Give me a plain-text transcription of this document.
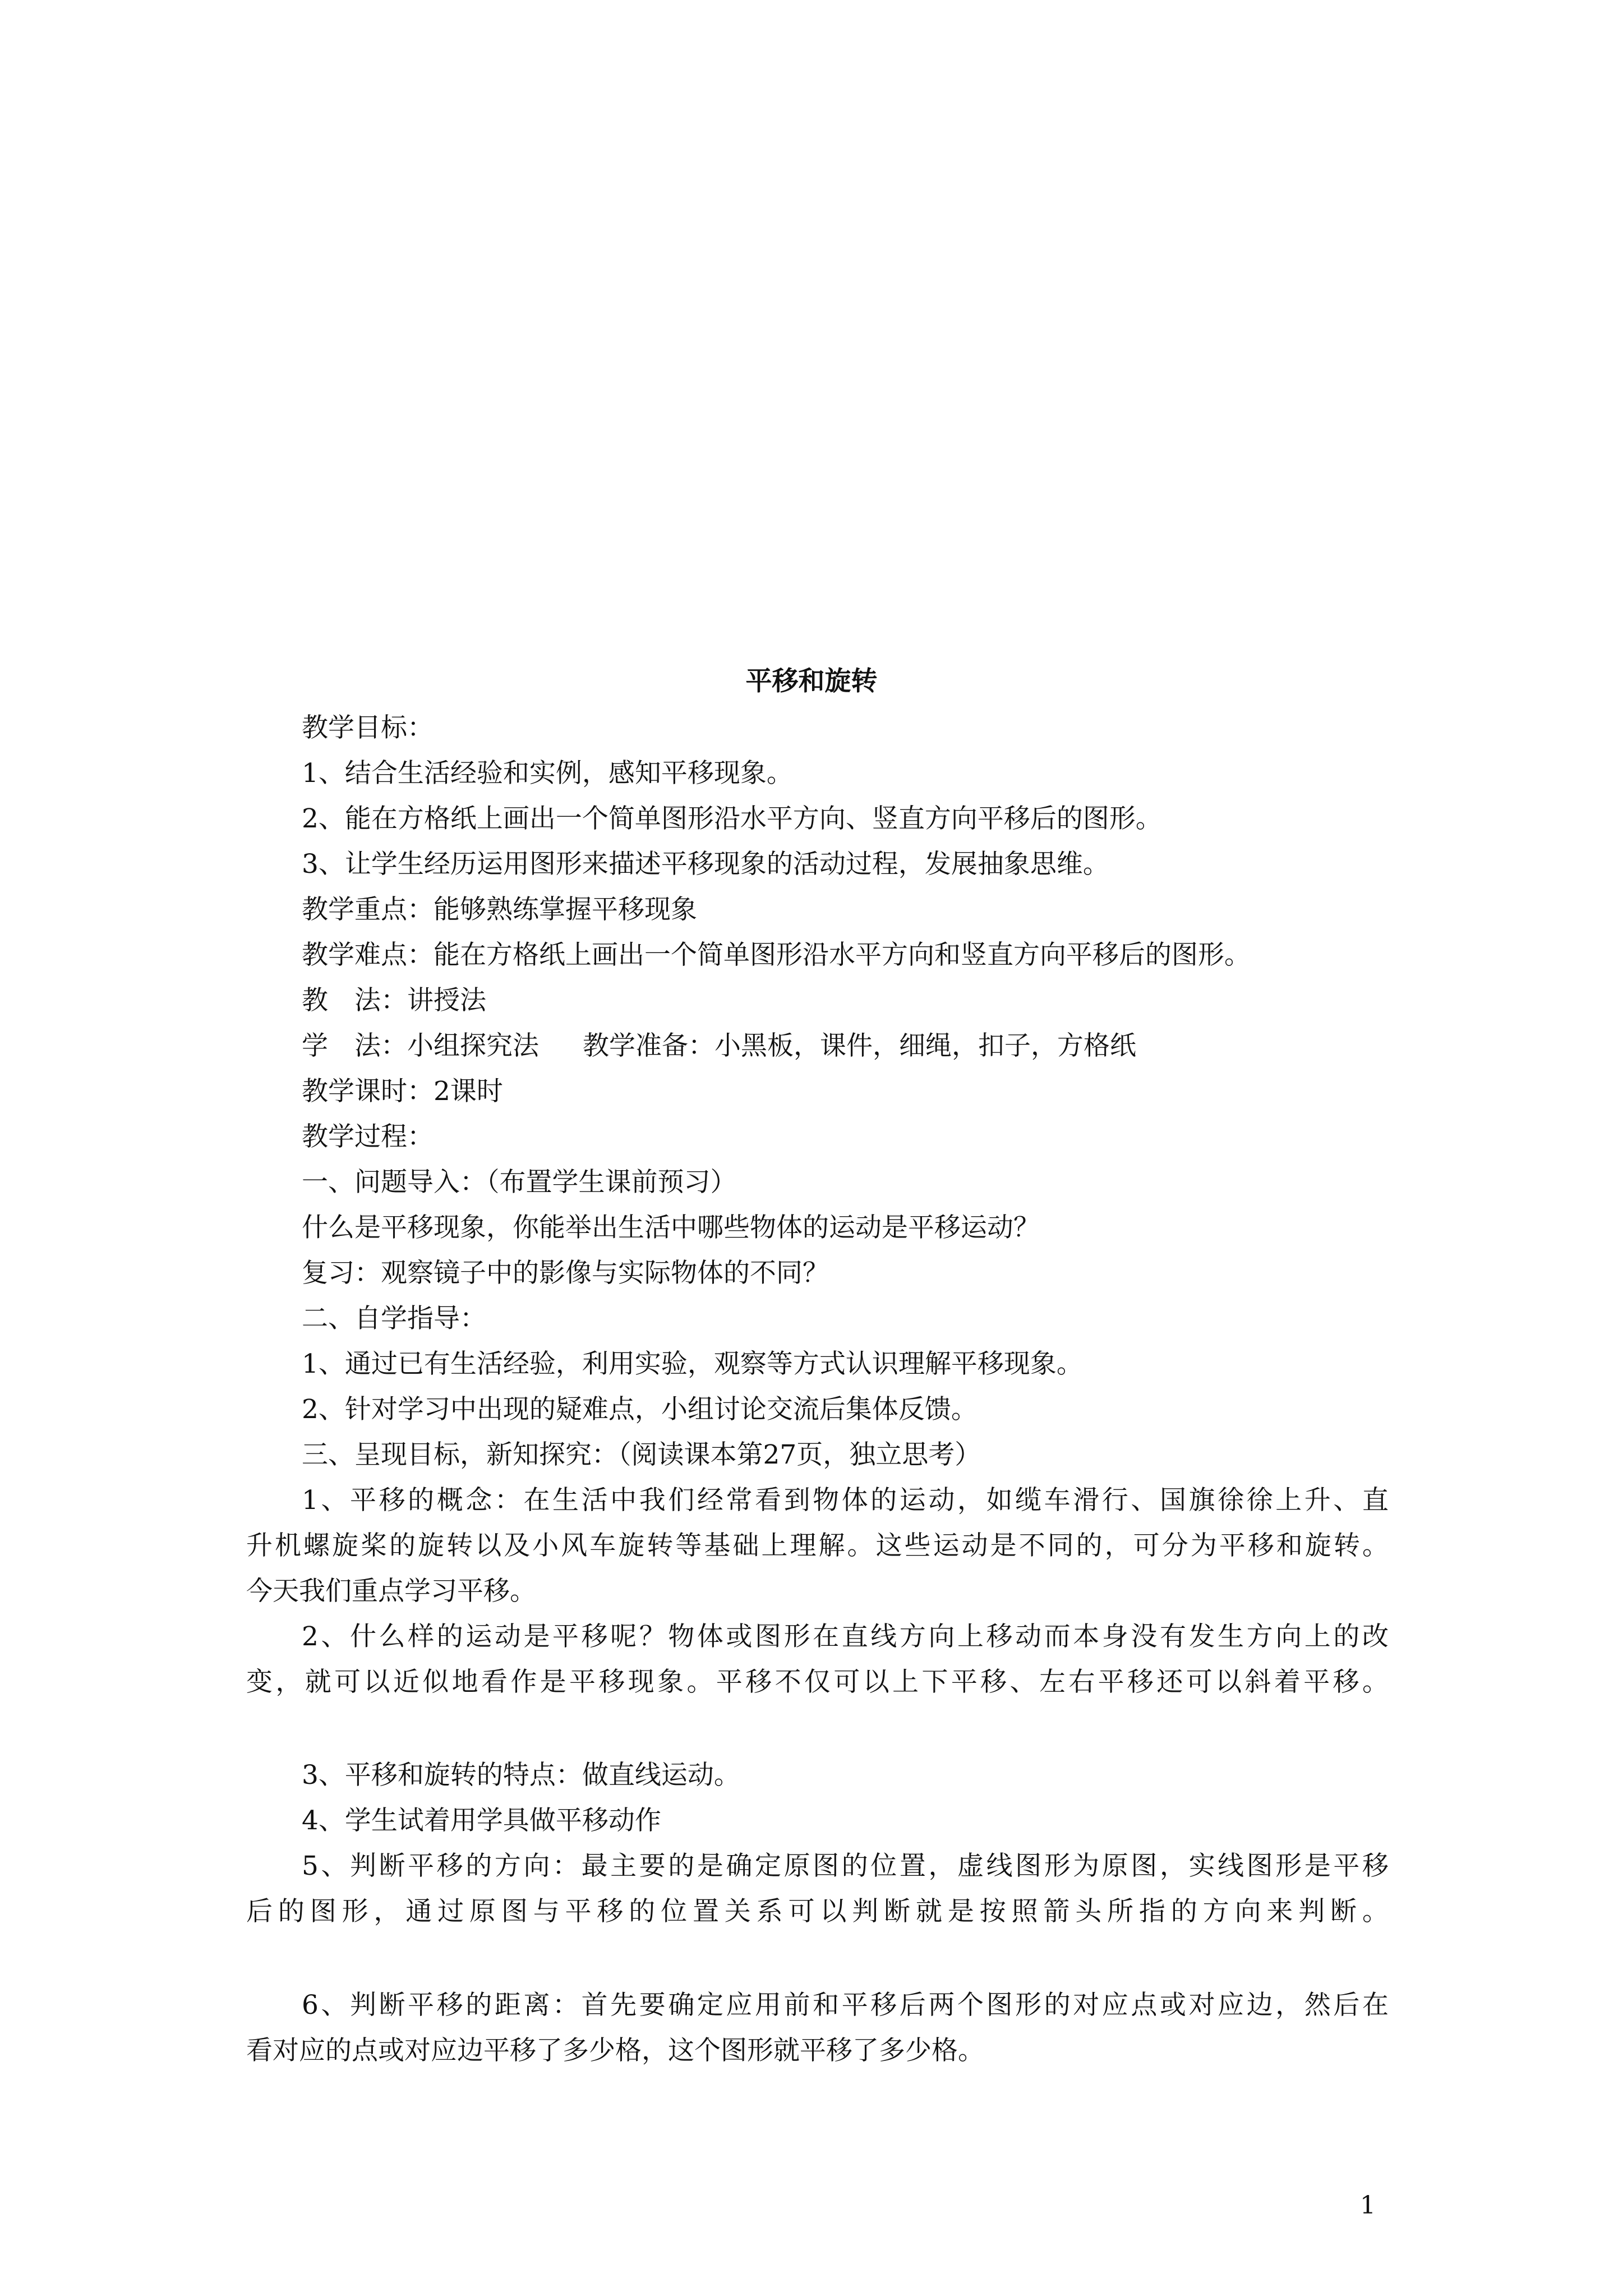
平移和旋转
教学目标：
1、结合生活经验和实例，感知平移现象。
2、能在方格纸上画出一个简单图形沿水平方向、竖直方向平移后的图形。
3、让学生经历运用图形来描述平移现象的活动过程，发展抽象思维。
教学重点：能够熟练掌握平移现象
教学难点：能在方格纸上画出一个简单图形沿水平方向和竖直方向平移后的图形。
教　法：讲授法
学　法：小组探究法 教学准备：小黑板，课件，细绳，扣子，方格纸
教学课时：2课时
教学过程：
一、问题导入：（布置学生课前预习）
什么是平移现象，你能举出生活中哪些物体的运动是平移运动？
复习：观察镜子中的影像与实际物体的不同？
二、自学指导：
1、通过已有生活经验，利用实验，观察等方式认识理解平移现象。
2、针对学习中出现的疑难点，小组讨论交流后集体反馈。
三、呈现目标，新知探究：（阅读课本第27页，独立思考）
1、平移的概念：在生活中我们经常看到物体的运动，如缆车滑行、国旗徐徐上升、直
升机螺旋桨的旋转以及小风车旋转等基础上理解。这些运动是不同的，可分为平移和旋转。
今天我们重点学习平移。
2、什么样的运动是平移呢？物体或图形在直线方向上移动而本身没有发生方向上的改
变，就可以近似地看作是平移现象。平移不仅可以上下平移、左右平移还可以斜着平移。
3、平移和旋转的特点：做直线运动。
4、学生试着用学具做平移动作
5、判断平移的方向：最主要的是确定原图的位置，虚线图形为原图，实线图形是平移
后的图形，通过原图与平移的位置关系可以判断就是按照箭头所指的方向来判断。
6、判断平移的距离：首先要确定应用前和平移后两个图形的对应点或对应边，然后在
看对应的点或对应边平移了多少格，这个图形就平移了多少格。
1
